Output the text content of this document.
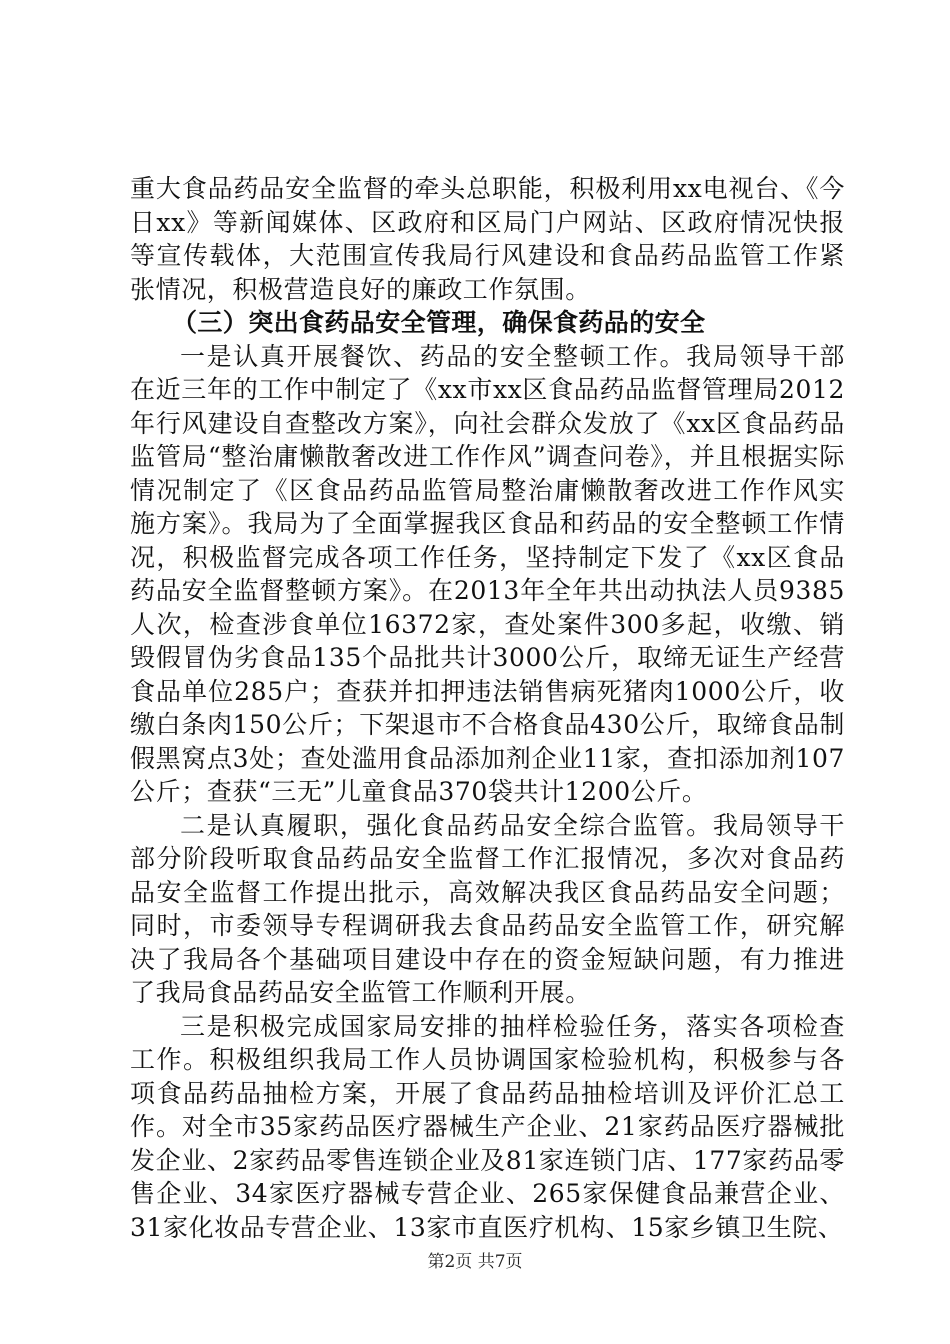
重大食品药品安全监督的牵头总职能，积极利用xx电视台、《今日xx》等新闻媒体、区政府和区局门户网站、区政府情况快报等宣传载体，大范围宣传我局行风建设和食品药品监管工作紧张情况，积极营造良好的廉政工作氛围。

（三）突出食药品安全管理，确保食药品的安全

一是认真开展餐饮、药品的安全整顿工作。我局领导干部在近三年的工作中制定了《xx市xx区食品药品监督管理局2012年行风建设自查整改方案》，向社会群众发放了《xx区食品药品监管局“整治庸懒散奢改进工作作风”调查问卷》，并且根据实际情况制定了《区食品药品监管局整治庸懒散奢改进工作作风实施方案》。我局为了全面掌握我区食品和药品的安全整顿工作情况，积极监督完成各项工作任务，坚持制定下发了《xx区食品药品安全监督整顿方案》。在2013年全年共出动执法人员9385人次，检查涉食单位16372家，查处案件300多起，收缴、销毁假冒伪劣食品135个品批共计3000公斤，取缔无证生产经营食品单位285户；查获并扣押违法销售病死猪肉1000公斤，收缴白条肉150公斤；下架退市不合格食品430公斤，取缔食品制假黑窝点3处；查处滥用食品添加剂企业11家，查扣添加剂107公斤；查获“三无”儿童食品370袋共计1200公斤。

二是认真履职，强化食品药品安全综合监管。我局领导干部分阶段听取食品药品安全监督工作汇报情况，多次对食品药品安全监督工作提出批示，高效解决我区食品药品安全问题；同时，市委领导专程调研我去食品药品安全监管工作，研究解决了我局各个基础项目建设中存在的资金短缺问题，有力推进了我局食品药品安全监管工作顺利开展。

三是积极完成国家局安排的抽样检验任务，落实各项检查工作。积极组织我局工作人员协调国家检验机构，积极参与各项食品药品抽检方案，开展了食品药品抽检培训及评价汇总工作。对全市35家药品医疗器械生产企业、21家药品医疗器械批发企业、2家药品零售连锁企业及81家连锁门店、177家药品零售企业、34家医疗器械专营企业、265家保健食品兼营企业、31家化妆品专营企业、13家市直医疗机构、15家乡镇卫生院、

第2页 共7页
